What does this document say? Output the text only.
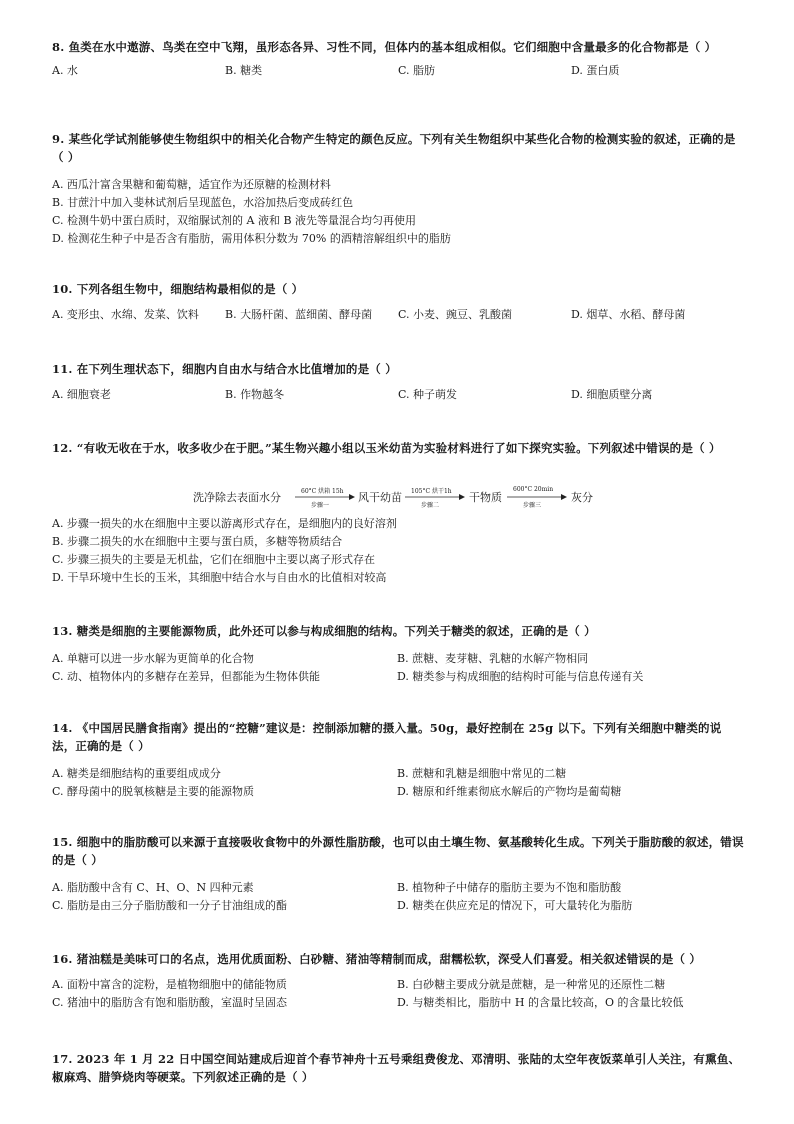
8. 鱼类在水中遨游、鸟类在空中飞翔，虽形态各异、习性不同，但体内的基本组成相似。它们细胞中含量最多的化合物都是（ ）

A. 水	B. 糖类	C. 脂肪	D. 蛋白质

9. 某些化学试剂能够使生物组织中的相关化合物产生特定的颜色反应。下列有关生物组织中某些化合物的检测实验的叙述，正确的是（ ）

A. 西瓜汁富含果糖和葡萄糖，适宜作为还原糖的检测材料
B. 甘蔗汁中加入斐林试剂后呈现蓝色，水浴加热后变成砖红色
C. 检测牛奶中蛋白质时，双缩脲试剂的 A 液和 B 液先等量混合均匀再使用
D. 检测花生种子中是否含有脂肪，需用体积分数为 70% 的酒精溶解组织中的脂肪

10. 下列各组生物中，细胞结构最相似的是（ ）

A. 变形虫、水绵、发菜、饮料	B. 大肠杆菌、蓝细菌、酵母菌	C. 小麦、豌豆、乳酸菌	D. 烟草、水稻、酵母菌

11. 在下列生理状态下，细胞内自由水与结合水比值增加的是（ ）

A. 细胞衰老	B. 作物越冬	C. 种子萌发	D. 细胞质壁分离

12. “有收无收在于水，收多收少在于肥。”某生物兴趣小组以玉米幼苗为实验材料进行了如下探究实验。下列叙述中错误的是（ ）

洗净除去表面水分	60°C 烘箱 15h
步骤一
风干幼苗 105°C 烘干1h
步骤二
干物质
600°C 20min
步骤三
灰分
A. 步骤一损失的水在细胞中主要以游离形式存在，是细胞内的良好溶剂
B. 步骤二损失的水在细胞中主要与蛋白质，多糖等物质结合
C. 步骤三损失的主要是无机盐，它们在细胞中主要以离子形式存在
D. 干旱环境中生长的玉米，其细胞中结合水与自由水的比值相对较高

13. 糖类是细胞的主要能源物质，此外还可以参与构成细胞的结构。下列关于糖类的叙述，正确的是（ ）

A. 单糖可以进一步水解为更简单的化合物	B. 蔗糖、麦芽糖、乳糖的水解产物相同
C. 动、植物体内的多糖存在差异，但都能为生物体供能	D. 糖类参与构成细胞的结构时可能与信息传递有关

14. 《中国居民膳食指南》提出的“控糖”建议是：控制添加糖的摄入量。50g，最好控制在 25g 以下。下列有关细胞中糖类的说法，正确的是（ ）

A. 糖类是细胞结构的重要组成成分	B. 蔗糖和乳糖是细胞中常见的二糖
C. 酵母菌中的脱氧核糖是主要的能源物质	D. 糖原和纤维素彻底水解后的产物均是葡萄糖

15. 细胞中的脂肪酸可以来源于直接吸收食物中的外源性脂肪酸，也可以由土壤生物、氨基酸转化生成。下列关于脂肪酸的叙述，错误的是（ ）

A. 脂肪酸中含有 C、H、O、N 四种元素	B. 植物种子中储存的脂肪主要为不饱和脂肪酸
C. 脂肪是由三分子脂肪酸和一分子甘油组成的酯	D. 糖类在供应充足的情况下，可大量转化为脂肪

16. 猪油糕是美味可口的名点，选用优质面粉、白砂糖、猪油等精制而成，甜糯松软，深受人们喜爱。相关叙述错误的是（ ）

A. 面粉中富含的淀粉，是植物细胞中的储能物质	B. 白砂糖主要成分就是蔗糖，是一种常见的还原性二糖
C. 猪油中的脂肪含有饱和脂肪酸，室温时呈固态	D. 与糖类相比，脂肪中 H 的含量比较高，O 的含量比较低

17. 2023 年 1 月 22 日中国空间站建成后迎首个春节神舟十五号乘组费俊龙、邓清明、张陆的太空年夜饭菜单引人关注，有熏鱼、椒麻鸡、腊笋烧肉等硬菜。下列叙述正确的是（ ）
